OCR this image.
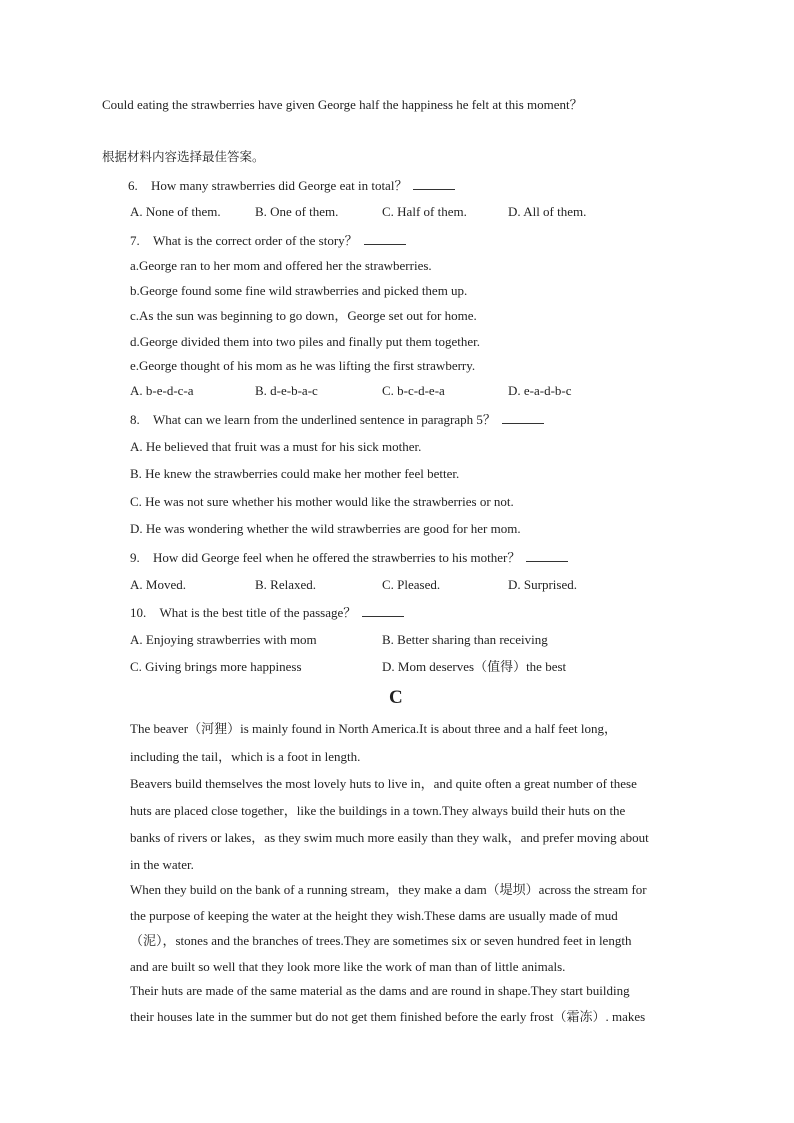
Could eating the strawberries have given George half the happiness he felt at this moment？
根据材料内容选择最佳答案。
6. How many strawberries did George eat in total？
A. None of them.	B. One of them.	C. Half of them.	D. All of them.
7. What is the correct order of the story？
a.George ran to her mom and offered her the strawberries.
b.George found some fine wild strawberries and picked them up.
c.As the sun was beginning to go down，George set out for home.
d.George divided them into two piles and finally put them together.
e.George thought of his mom as he was lifting the first strawberry.
A. b-e-d-c-a	B. d-e-b-a-c	C. b-c-d-e-a	D. e-a-d-b-c
8. What can we learn from the underlined sentence in paragraph 5？
A. He believed that fruit was a must for his sick mother.
B. He knew the strawberries could make her mother feel better.
C. He was not sure whether his mother would like the strawberries or not.
D. He was wondering whether the wild strawberries are good for her mom.
9. How did George feel when he offered the strawberries to his mother？
A. Moved.	B. Relaxed.	C. Pleased.	D. Surprised.
10. What is the best title of the passage？
A. Enjoying strawberries with mom	B. Better sharing than receiving
C. Giving brings more happiness	D. Mom deserves（值得）the best
C
The beaver（河狸）is mainly found in North America.It is about three and a half feet long，
including the tail，which is a foot in length.
Beavers build themselves the most lovely huts to live in，and quite often a great number of these
huts are placed close together，like the buildings in a town.They always build their huts on the
banks of rivers or lakes，as they swim much more easily than they walk，and prefer moving about
in the water.
When they build on the bank of a running stream，they make a dam（堤坝）across the stream for
the purpose of keeping the water at the height they wish.These dams are usually made of mud
（泥），stones and the branches of trees.They are sometimes six or seven hundred feet in length
and are built so well that they look more like the work of man than of little animals.
Their huts are made of the same material as the dams and are round in shape.They start building
their houses late in the summer but do not get them finished before the early frost（霜冻）. makes
